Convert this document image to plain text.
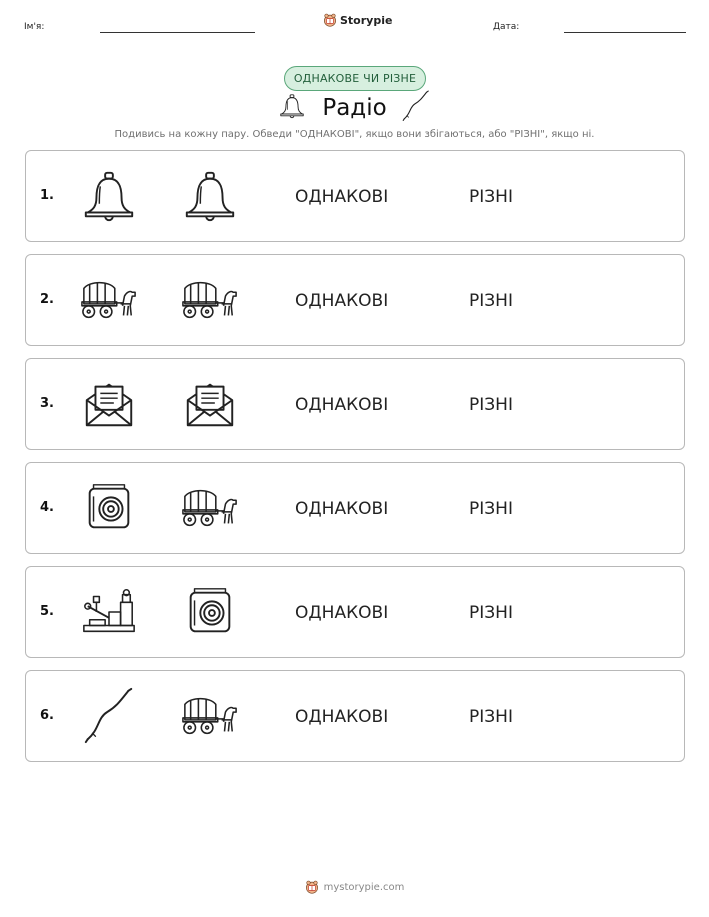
Ім'я:
Storypie
Дата:
ОДНАКОВЕ ЧИ РІЗНЕ
Радіо
Подивись на кожну пару. Обведи "ОДНАКОВІ", якщо вони збігаються, або "РІЗНІ", якщо ні.
1.	ОДНАКОВІ	РІЗНІ
2.	ОДНАКОВІ	РІЗНІ
3.	ОДНАКОВІ	РІЗНІ
4.	ОДНАКОВІ	РІЗНІ
5.	ОДНАКОВІ	РІЗНІ
6.	ОДНАКОВІ	РІЗНІ
mystorypie.com
